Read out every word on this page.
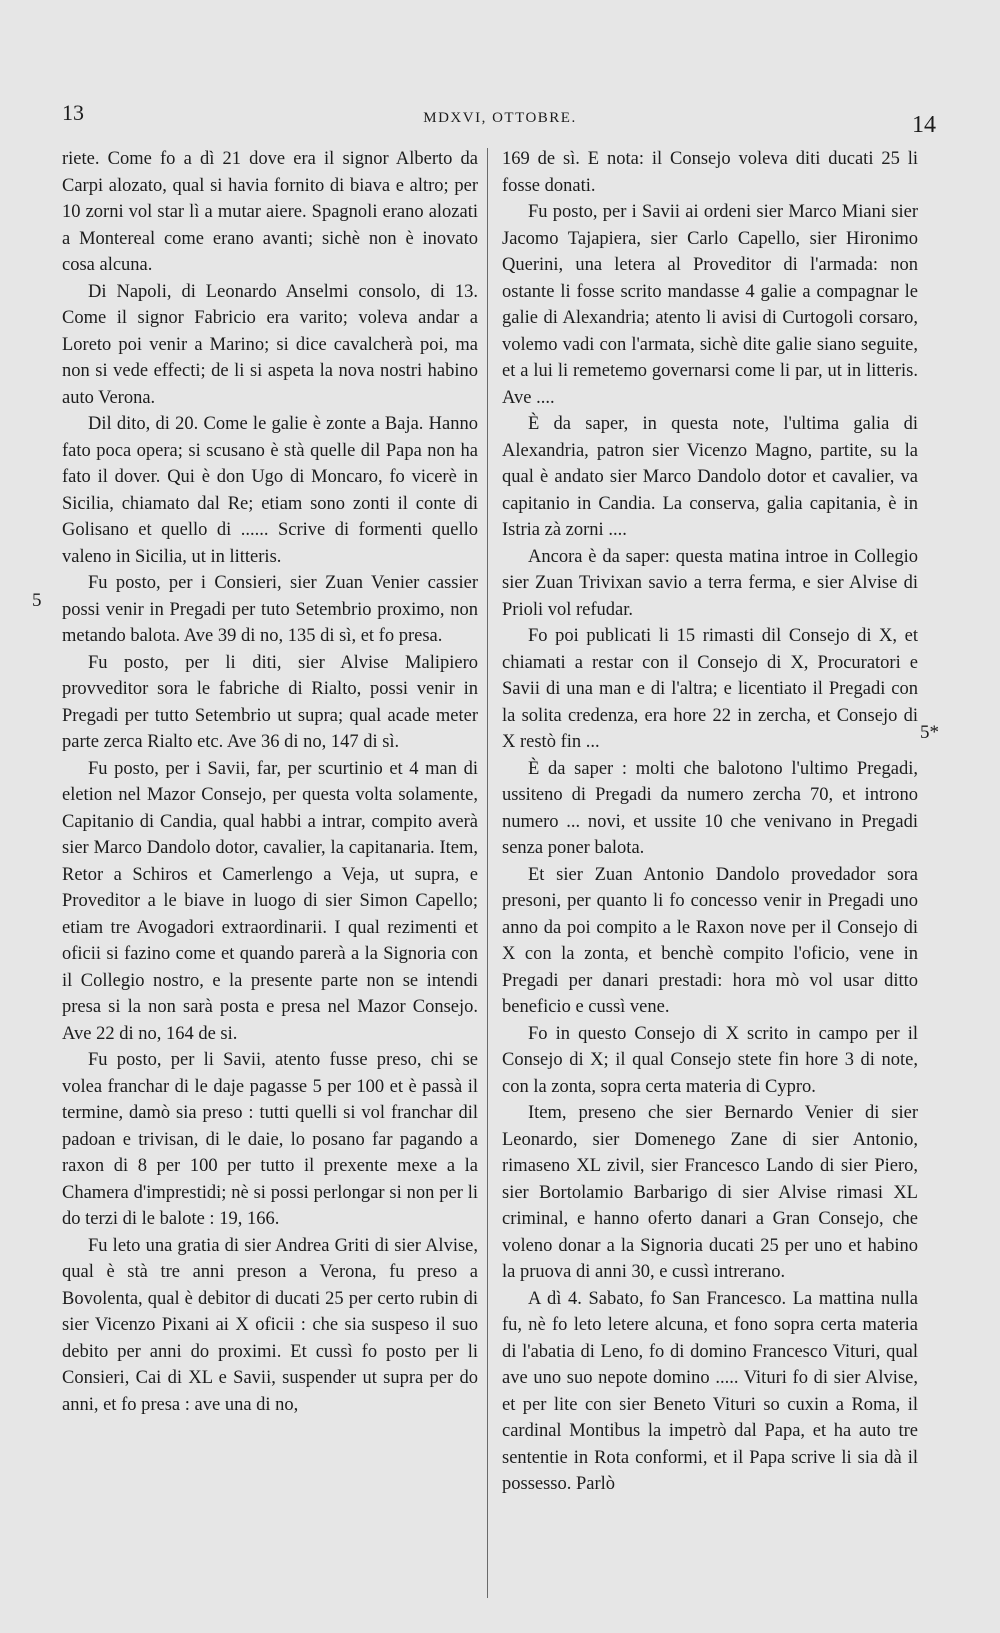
13	MDXVI, OTTOBRE.	14
5
5*

riete. Come fo a dì 21 dove era il signor Alberto da Carpi alozato, qual si havia fornito di biava e altro; per 10 zorni vol star lì a mutar aiere. Spagnoli erano alozati a Montereal come erano avanti; sichè non è inovato cosa alcuna.

Di Napoli, di Leonardo Anselmi consolo, di 13. Come il signor Fabricio era varito; voleva andar a Loreto poi venir a Marino; si dice cavalcherà poi, ma non si vede effecti; de li si aspeta la nova nostri habino auto Verona.

Dil dito, di 20. Come le galie è zonte a Baja. Hanno fato poca opera; si scusano è stà quelle dil Papa non ha fato il dover. Qui è don Ugo di Moncaro, fo vicerè in Sicilia, chiamato dal Re; etiam sono zonti il conte di Golisano et quello di ...... Scrive di formenti quello valeno in Sicilia, ut in litteris.

Fu posto, per i Consieri, sier Zuan Venier cassier possi venir in Pregadi per tuto Setembrio proximo, non metando balota. Ave 39 di no, 135 di sì, et fo presa.

Fu posto, per li diti, sier Alvise Malipiero provveditor sora le fabriche di Rialto, possi venir in Pregadi per tutto Setembrio ut supra; qual acade meter parte zerca Rialto etc. Ave 36 di no, 147 di sì.

Fu posto, per i Savii, far, per scurtinio et 4 man di eletion nel Mazor Consejo, per questa volta solamente, Capitanio di Candia, qual habbi a intrar, compito averà sier Marco Dandolo dotor, cavalier, la capitanaria. Item, Retor a Schiros et Camerlengo a Veja, ut supra, e Proveditor a le biave in luogo di sier Simon Capello; etiam tre Avogadori extraordinarii. I qual rezimenti et oficii si fazino come et quando parerà a la Signoria con il Collegio nostro, e la presente parte non se intendi presa si la non sarà posta e presa nel Mazor Consejo. Ave 22 di no, 164 de si.

Fu posto, per li Savii, atento fusse preso, chi se volea franchar di le daje pagasse 5 per 100 et è passà il termine, damò sia preso : tutti quelli si vol franchar dil padoan e trivisan, di le daie, lo posano far pagando a raxon di 8 per 100 per tutto il prexente mexe a la Chamera d'imprestidi; nè si possi perlongar si non per li do terzi di le balote : 19, 166.

Fu leto una gratia di sier Andrea Griti di sier Alvise, qual è stà tre anni preson a Verona, fu preso a Bovolenta, qual è debitor di ducati 25 per certo rubin di sier Vicenzo Pixani ai X oficii : che sia suspeso il suo debito per anni do proximi. Et cussì fo posto per li Consieri, Cai di XL e Savii, suspender ut supra per do anni, et fo presa : ave una di no,

169 de sì. E nota: il Consejo voleva diti ducati 25 li fosse donati.

Fu posto, per i Savii ai ordeni sier Marco Miani sier Jacomo Tajapiera, sier Carlo Capello, sier Hironimo Querini, una letera al Proveditor di l'armada: non ostante li fosse scrito mandasse 4 galie a compagnar le galie di Alexandria; atento li avisi di Curtogoli corsaro, volemo vadi con l'armata, sichè dite galie siano seguite, et a lui li remetemo governarsi come li par, ut in litteris. Ave ....

È da saper, in questa note, l'ultima galia di Alexandria, patron sier Vicenzo Magno, partite, su la qual è andato sier Marco Dandolo dotor et cavalier, va capitanio in Candia. La conserva, galia capitania, è in Istria zà zorni ....

Ancora è da saper: questa matina introe in Collegio sier Zuan Trivixan savio a terra ferma, e sier Alvise di Prioli vol refudar.

Fo poi publicati li 15 rimasti dil Consejo di X, et chiamati a restar con il Consejo di X, Procuratori e Savii di una man e di l'altra; e licentiato il Pregadi con la solita credenza, era hore 22 in zercha, et Consejo di X restò fin ...

È da saper : molti che balotono l'ultimo Pregadi, ussiteno di Pregadi da numero zercha 70, et introno numero ... novi, et ussite 10 che venivano in Pregadi senza poner balota.

Et sier Zuan Antonio Dandolo provedador sora presoni, per quanto li fo concesso venir in Pregadi uno anno da poi compito a le Raxon nove per il Consejo di X con la zonta, et benchè compito l'oficio, vene in Pregadi per danari prestadi: hora mò vol usar ditto beneficio e cussì vene.

Fo in questo Consejo di X scrito in campo per il Consejo di X; il qual Consejo stete fin hore 3 di note, con la zonta, sopra certa materia di Cypro.

Item, preseno che sier Bernardo Venier di sier Leonardo, sier Domenego Zane di sier Antonio, rimaseno XL zivil, sier Francesco Lando di sier Piero, sier Bortolamio Barbarigo di sier Alvise rimasi XL criminal, e hanno oferto danari a Gran Consejo, che voleno donar a la Signoria ducati 25 per uno et habino la pruova di anni 30, e cussì intrerano.

A dì 4. Sabato, fo San Francesco. La mattina nulla fu, nè fo leto letere alcuna, et fono sopra certa materia di l'abatia di Leno, fo di domino Francesco Vituri, qual ave uno suo nepote domino ..... Vituri fo di sier Alvise, et per lite con sier Beneto Vituri so cuxin a Roma, il cardinal Montibus la impetrò dal Papa, et ha auto tre sententie in Rota conformi, et il Papa scrive li sia dà il possesso. Parlò
